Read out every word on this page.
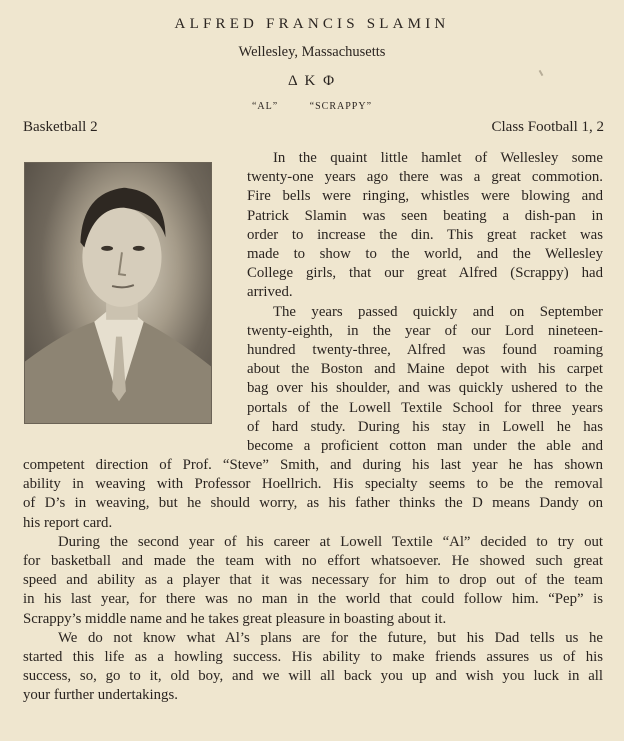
ALFRED FRANCIS SLAMIN
Wellesley, Massachusetts
Δ Κ Φ
“AL”	“SCRAPPY”
Basketball 2	Class Football 1, 2
In the quaint little hamlet of Wellesley some
twenty-one years ago there was a great commotion.
Fire bells were ringing, whistles were blowing and
Patrick Slamin was seen beating a dish-pan in
order to increase the din. This great racket was
made to show to the world, and the Wellesley
College girls, that our great Alfred (Scrappy) had
arrived.
The years passed quickly and on September
twenty-eighth, in the year of our Lord nineteen-
hundred twenty-three, Alfred was found roaming
about the Boston and Maine depot with his carpet
bag over his shoulder, and was quickly ushered to the
portals of the Lowell Textile School for three years
of hard study. During his stay in Lowell he has
become a proficient cotton man under the able and
competent direction of Prof. “Steve” Smith, and during his last year he has shown
ability in weaving with Professor Hoellrich. His specialty seems to be the removal
of D’s in weaving, but he should worry, as his father thinks the D means Dandy on
his report card.
During the second year of his career at Lowell Textile “Al” decided to try out
for basketball and made the team with no effort whatsoever. He showed such great
speed and ability as a player that it was necessary for him to drop out of the team
in his last year, for there was no man in the world that could follow him. “Pep” is
Scrappy’s middle name and he takes great pleasure in boasting about it.
We do not know what Al’s plans are for the future, but his Dad tells us he
started this life as a howling success. His ability to make friends assures us of his
success, so, go to it, old boy, and we will all back you up and wish you luck in all
your further undertakings.
